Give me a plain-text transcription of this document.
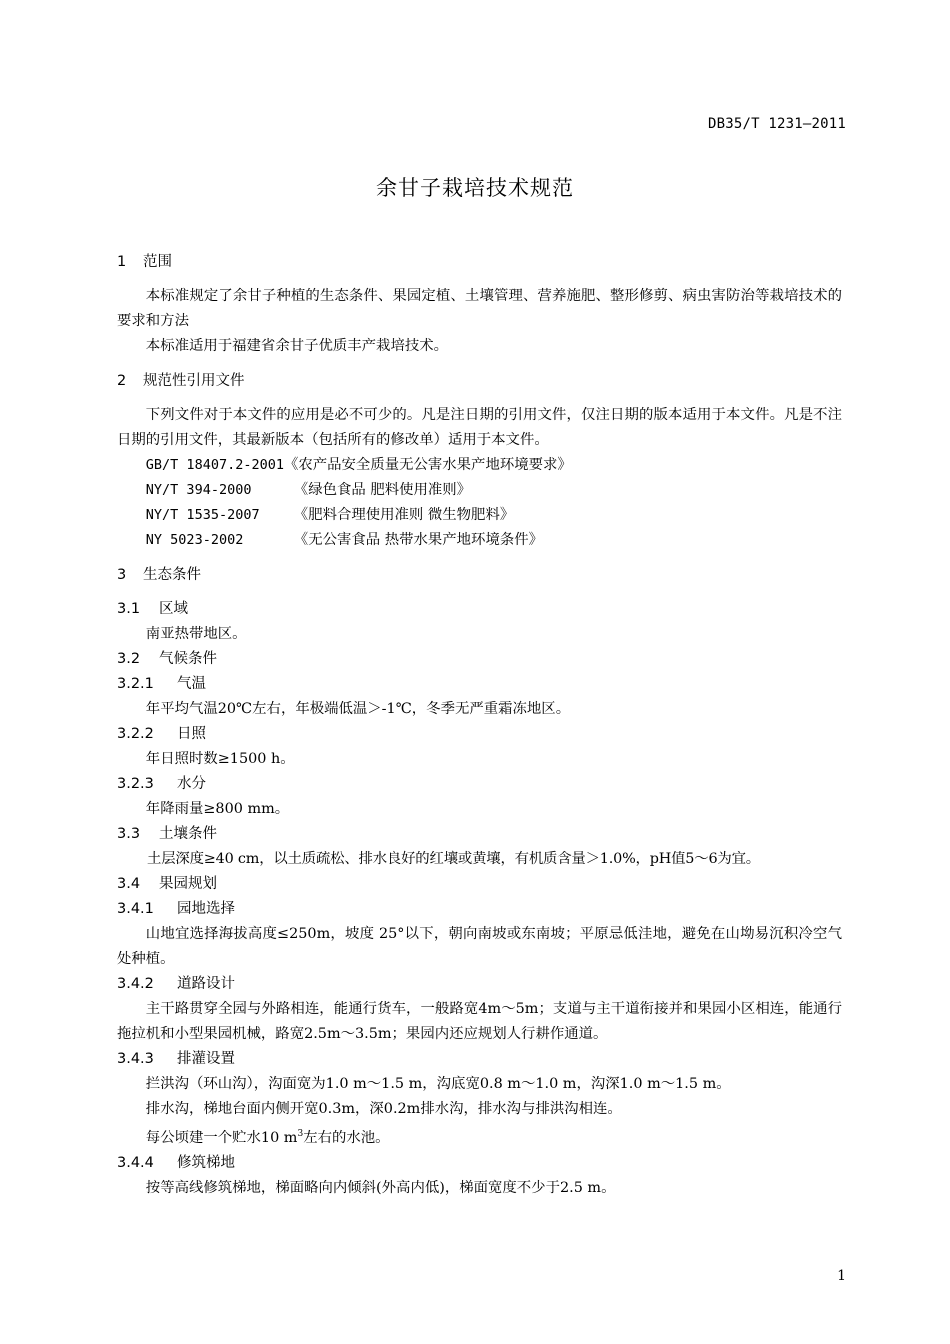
DB35/T 1231—2011
余甘子栽培技术规范
1 范围

本标准规定了余甘子种植的生态条件、果园定植、土壤管理、营养施肥、整形修剪、病虫害防治等栽培技术的要求和方法

本标准适用于福建省余甘子优质丰产栽培技术。

2 规范性引用文件

下列文件对于本文件的应用是必不可少的。凡是注日期的引用文件，仅注日期的版本适用于本文件。凡是不注日期的引用文件，其最新版本（包括所有的修改单）适用于本文件。

GB/T 18407.2-2001《农产品安全质量无公害水果产地环境要求》
NY/T 394-2000	《绿色食品 肥料使用准则》
NY/T 1535-2007 《肥料合理使用准则 微生物肥料》
NY 5023-2002	《无公害食品 热带水果产地环境条件》
3 生态条件
3.1 区域

南亚热带地区。

3.2 气候条件
3.2.1 气温

年平均气温20℃左右，年极端低温＞-1℃，冬季无严重霜冻地区。

3.2.2 日照

年日照时数≥1500 h。

3.2.3 水分

年降雨量≥800 mm。

3.3 土壤条件

土层深度≥40 cm，以土质疏松、排水良好的红壤或黄壤，有机质含量＞1.0%，pH值5～6为宜。

3.4 果园规划
3.4.1 园地选择

山地宜选择海拔高度≤250m，坡度 25°以下，朝向南坡或东南坡；平原忌低洼地，避免在山坳易沉积冷空气处种植。

3.4.2 道路设计

主干路贯穿全园与外路相连，能通行货车，一般路宽4m～5m；支道与主干道衔接并和果园小区相连，能通行拖拉机和小型果园机械，路宽2.5m～3.5m；果园内还应规划人行耕作通道。

3.4.3 排灌设置

拦洪沟（环山沟），沟面宽为1.0 m～1.5 m，沟底宽0.8 m～1.0 m，沟深1.0 m～1.5 m。

排水沟，梯地台面内侧开宽0.3m，深0.2m排水沟，排水沟与排洪沟相连。

每公顷建一个贮水10 $m^3$左右的水池。

3.4.4 修筑梯地

按等高线修筑梯地，梯面略向内倾斜(外高内低)，梯面宽度不少于2.5 m。

1
